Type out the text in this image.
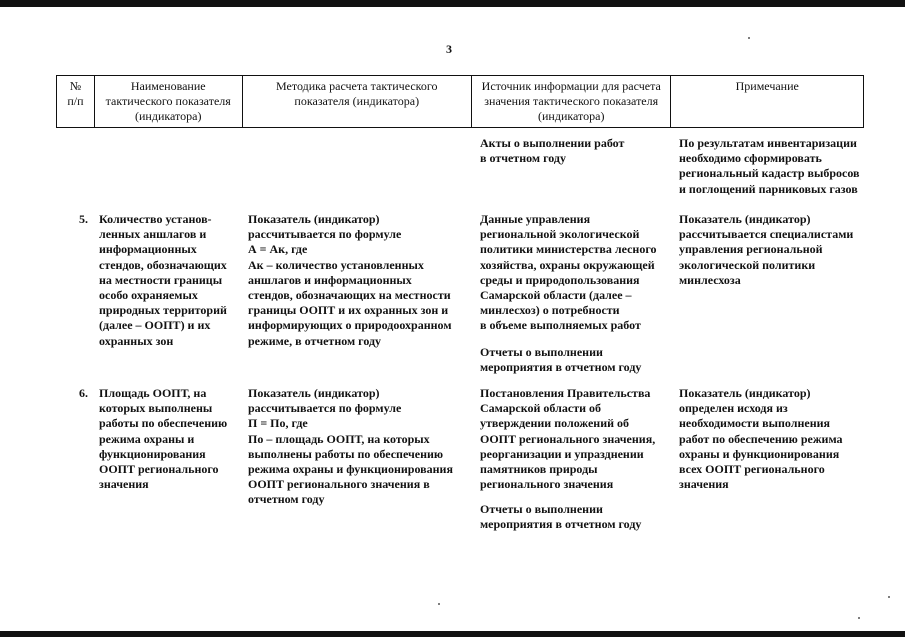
3
№
п/п
Наименование
тактического показателя
(индикатора)
Методика расчета тактического
показателя (индикатора)
Источник информации для расчета
значения тактического показателя
(индикатора)
Примечание
Акты о выполнении работ
в отчетном году
По результатам инвентаризации
необходимо сформировать
региональный кадастр выбросов
и поглощений парниковых газов
5. Количество установ-
ленных аншлагов и
информационных
стендов, обозначающих
на местности границы
особо охраняемых
природных территорий
(далее – ООПТ) и их
охранных зон
Показатель (индикатор)
рассчитывается по формуле
А = Ак, где
Ак – количество установленных
аншлагов и информационных
стендов, обозначающих на местности
границы ООПТ и их охранных зон и
информирующих о природоохранном
режиме, в отчетном году
Данные управления
региональной экологической
политики министерства лесного
хозяйства, охраны окружающей
среды и природопользования
Самарской области (далее –
минлесхоз) о потребности
в объеме выполняемых работ
Отчеты о выполнении
мероприятия в отчетном году
Показатель (индикатор)
рассчитывается специалистами
управления региональной
экологической политики
минлесхоза
6. Площадь ООПТ, на
которых выполнены
работы по обеспечению
режима охраны и
функционирования
ООПТ регионального
значения
Показатель (индикатор)
рассчитывается по формуле
П = По, где
По – площадь ООПТ, на которых
выполнены работы по обеспечению
режима охраны и функционирования
ООПТ регионального значения в
отчетном году
Постановления Правительства
Самарской области об
утверждении положений об
ООПТ регионального значения,
реорганизации и упразднении
памятников природы
регионального значения
Отчеты о выполнении
мероприятия в отчетном году
Показатель (индикатор)
определен исходя из
необходимости выполнения
работ по обеспечению режима
охраны и функционирования
всех ООПТ регионального
значения
